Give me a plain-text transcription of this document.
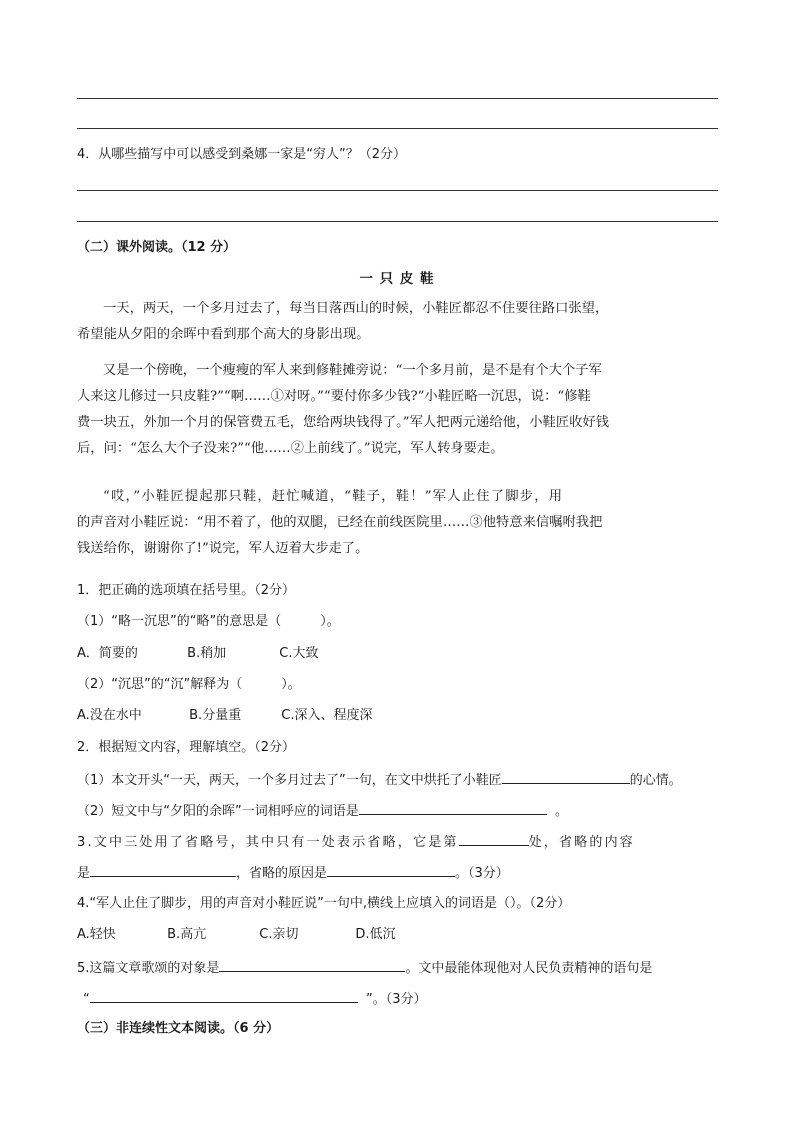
4．从哪些描写中可以感受到桑娜一家是“穷人”？（2分）
（二）课外阅读。（12 分）
一 只 皮 鞋
一天，两天，一个多月过去了，每当日落西山的时候，小鞋匠都忍不住要往路口张望，
希望能从夕阳的余晖中看到那个高大的身影出现。
又是一个傍晚，一个瘦瘦的军人来到修鞋摊旁说：“一个多月前，是不是有个大个子军
人来这儿修过一只皮鞋?”“啊……①对呀。”“要付你多少钱?”小鞋匠略一沉思，说：“修鞋
费一块五，外加一个月的保管费五毛，您给两块钱得了。”军人把两元递给他，小鞋匠收好钱
后，问：“怎么大个子没来?”“他……②上前线了。”说完，军人转身要走。
“哎，”小鞋匠提起那只鞋，赶忙喊道，“鞋子，鞋！”军人止住了脚步，用
的声音对小鞋匠说：“用不着了，他的双腿，已经在前线医院里……③他特意来信嘱咐我把
钱送给你，谢谢你了!”说完，军人迈着大步走了。
1．把正确的选项填在括号里。（2分）
（1）“略一沉思”的“略”的意思是（　　　）。
A．简要的	B.稍加	C.大致
（2）“沉思”的“沉”解释为（　　　）。
A.没在水中	B.分量重	C.深入、程度深
2．根据短文内容，理解填空。（2分）
（1）本文开头“一天，两天，一个多月过去了”一句，在文中烘托了小鞋匠	的心情。
（2）短文中与“夕阳的余晖”一词相呼应的词语是	。
3.文中三处用了省略号，其中只有一处表示省略，它是第	处，省略的内容
是	，省略的原因是	。（3分）
4.“军人止住了脚步，用的声音对小鞋匠说”一句中,横线上应填入的词语是（）。（2分）
A.轻快	B.高亢	C.亲切	D.低沉
5.这篇文章歌颂的对象是	。文中最能体现他对人民负责精神的语句是
“	”。（3分）
（三）非连续性文本阅读。（6 分）
